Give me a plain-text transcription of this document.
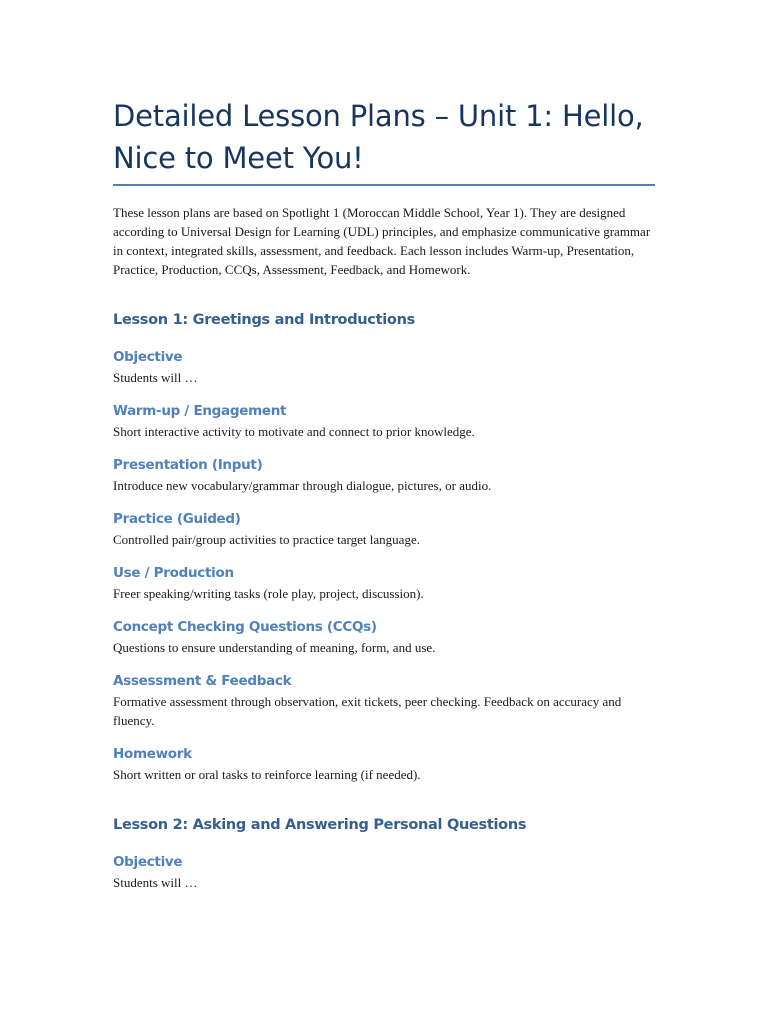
Detailed Lesson Plans – Unit 1: Hello, Nice to Meet You!

These lesson plans are based on Spotlight 1 (Moroccan Middle School, Year 1). They are designed according to Universal Design for Learning (UDL) principles, and emphasize communicative grammar in context, integrated skills, assessment, and feedback. Each lesson includes Warm-up, Presentation, Practice, Production, CCQs, Assessment, Feedback, and Homework.

Lesson 1: Greetings and Introductions
Objective

Students will …

Warm-up / Engagement

Short interactive activity to motivate and connect to prior knowledge.

Presentation (Input)

Introduce new vocabulary/grammar through dialogue, pictures, or audio.

Practice (Guided)

Controlled pair/group activities to practice target language.

Use / Production

Freer speaking/writing tasks (role play, project, discussion).

Concept Checking Questions (CCQs)

Questions to ensure understanding of meaning, form, and use.

Assessment & Feedback

Formative assessment through observation, exit tickets, peer checking. Feedback on accuracy and fluency.

Homework

Short written or oral tasks to reinforce learning (if needed).

Lesson 2: Asking and Answering Personal Questions
Objective

Students will …
